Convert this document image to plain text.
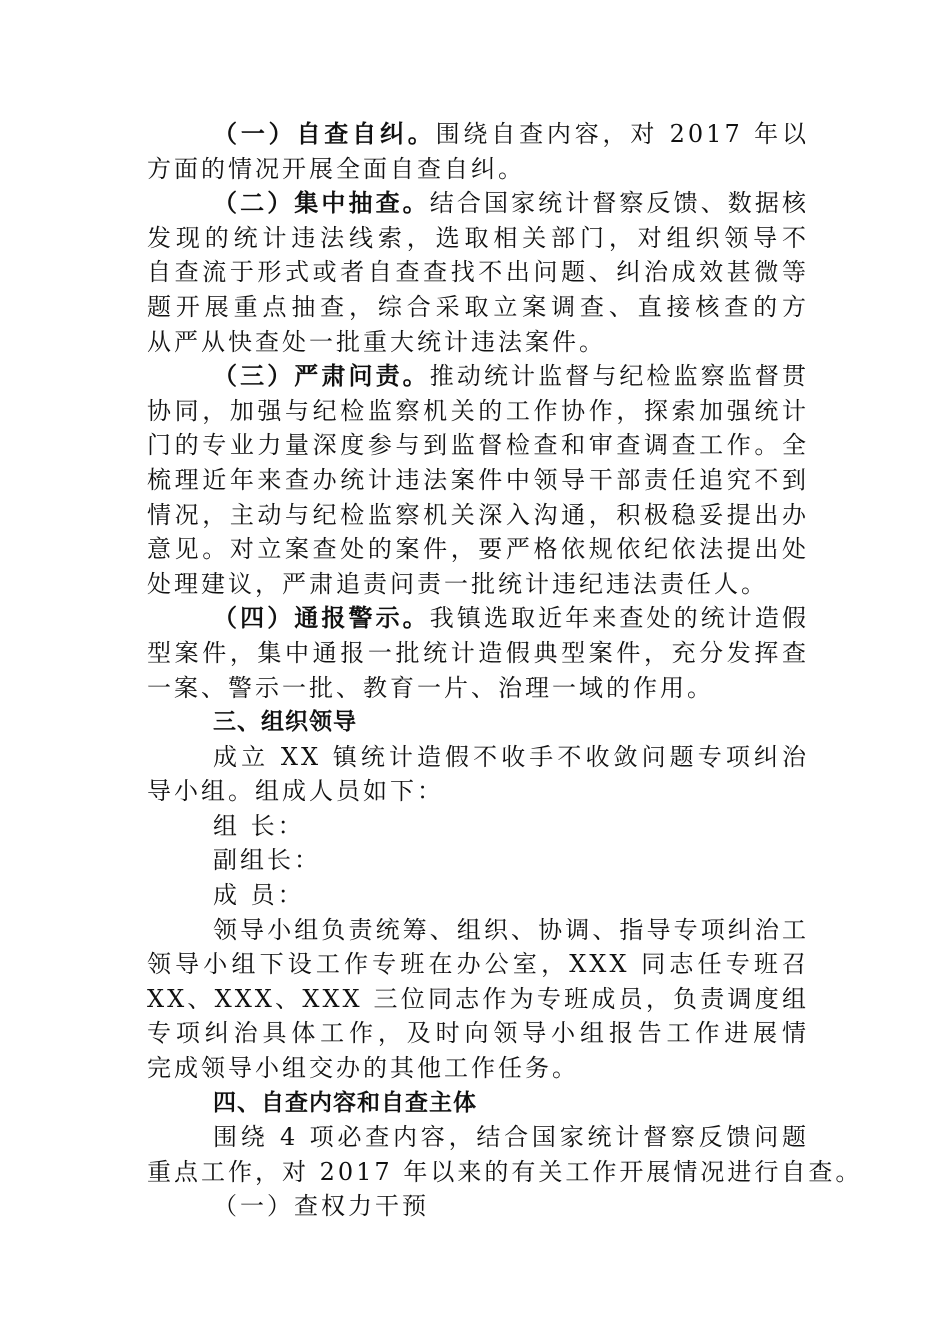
（一）自查自纠。围绕自查内容，对 2017 年以
方面的情况开展全面自查自纠。
（二）集中抽查。结合国家统计督察反馈、数据核
发现的统计违法线索，选取相关部门，对组织领导不
自查流于形式或者自查查找不出问题、纠治成效甚微等
题开展重点抽查，综合采取立案调查、直接核查的方
从严从快查处一批重大统计违法案件。
（三）严肃问责。推动统计监督与纪检监察监督贯
协同，加强与纪检监察机关的工作协作，探索加强统计
门的专业力量深度参与到监督检查和审查调查工作。全
梳理近年来查办统计违法案件中领导干部责任追究不到
情况，主动与纪检监察机关深入沟通，积极稳妥提出办
意见。对立案查处的案件，要严格依规依纪依法提出处
处理建议，严肃追责问责一批统计违纪违法责任人。
（四）通报警示。我镇选取近年来查处的统计造假
型案件，集中通报一批统计造假典型案件，充分发挥查
一案、警示一批、教育一片、治理一域的作用。
三、组织领导
成立 XX 镇统计造假不收手不收敛问题专项纠治
导小组。组成人员如下：
组 长：
副组长：
成 员：
领导小组负责统筹、组织、协调、指导专项纠治工
领导小组下设工作专班在办公室，XXX 同志任专班召
XX、XXX、XXX 三位同志作为专班成员，负责调度组
专项纠治具体工作，及时向领导小组报告工作进展情
完成领导小组交办的其他工作任务。
四、自查内容和自查主体
围绕 4 项必查内容，结合国家统计督察反馈问题
重点工作，对 2017 年以来的有关工作开展情况进行自查。
（一）查权力干预
